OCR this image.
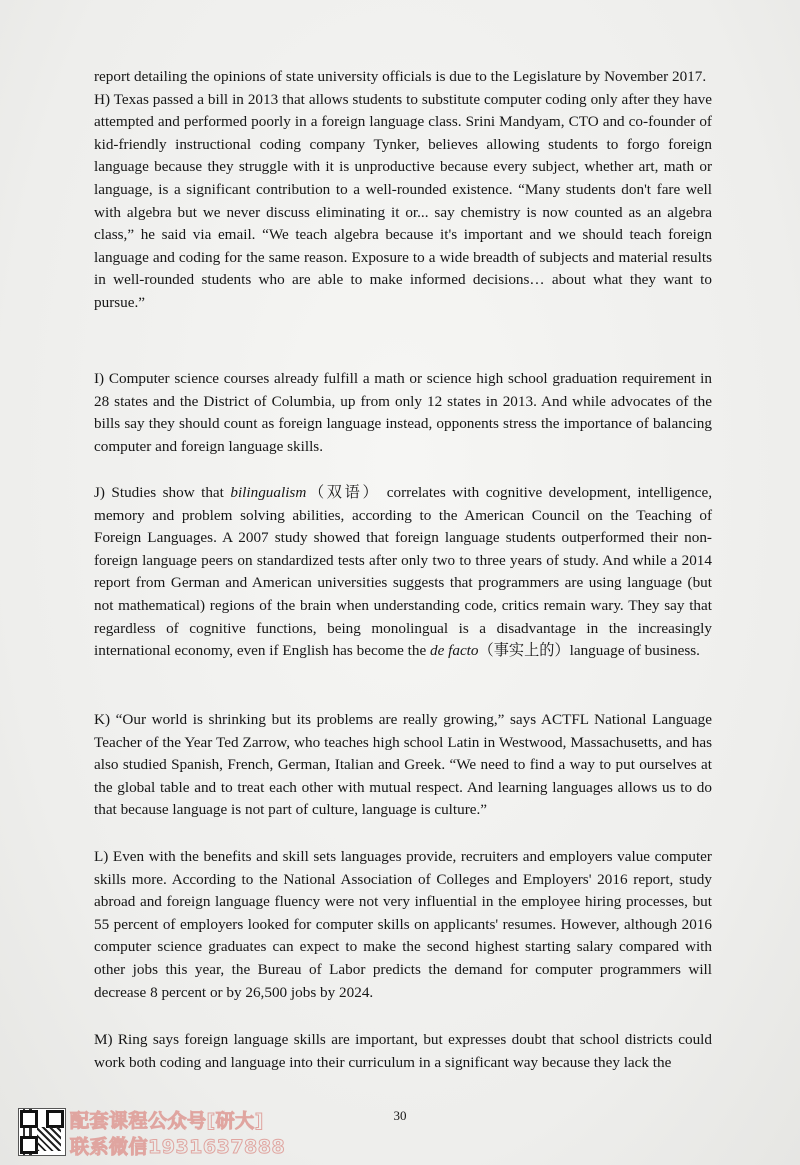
report detailing the opinions of state university officials is due to the Legislature by November 2017.

H) Texas passed a bill in 2013 that allows students to substitute computer coding only after they have attempted and performed poorly in a foreign language class. Srini Mandyam, CTO and co-founder of kid-friendly instructional coding company Tynker, believes allowing students to forgo foreign language because they struggle with it is unproductive because every subject, whether art, math or language, is a significant contribution to a well-rounded existence. “Many students don't fare well with algebra but we never discuss eliminating it or... say chemistry is now counted as an algebra class,” he said via email. “We teach algebra because it's important and we should teach foreign language and coding for the same reason. Exposure to a wide breadth of subjects and material results in well-rounded students who are able to make informed decisions… about what they want to pursue.”

I) Computer science courses already fulfill a math or science high school graduation requirement in 28 states and the District of Columbia, up from only 12 states in 2013. And while advocates of the bills say they should count as foreign language instead, opponents stress the importance of balancing computer and foreign language skills.

J) Studies show that bilingualism（双语） correlates with cognitive development, intelligence, memory and problem solving abilities, according to the American Council on the Teaching of Foreign Languages. A 2007 study showed that foreign language students outperformed their non-foreign language peers on standardized tests after only two to three years of study. And while a 2014 report from German and American universities suggests that programmers are using language (but not mathematical) regions of the brain when understanding code, critics remain wary. They say that regardless of cognitive functions, being monolingual is a disadvantage in the increasingly international economy, even if English has become the de facto（事实上的）language of business.

K) “Our world is shrinking but its problems are really growing,” says ACTFL National Language Teacher of the Year Ted Zarrow, who teaches high school Latin in Westwood, Massachusetts, and has also studied Spanish, French, German, Italian and Greek. “We need to find a way to put ourselves at the global table and to treat each other with mutual respect. And learning languages allows us to do that because language is not part of culture, language is culture.”

L) Even with the benefits and skill sets languages provide, recruiters and employers value computer skills more. According to the National Association of Colleges and Employers' 2016 report, study abroad and foreign language fluency were not very influential in the employee hiring processes, but 55 percent of employers looked for computer skills on applicants' resumes. However, although 2016 computer science graduates can expect to make the second highest starting salary compared with other jobs this year, the Bureau of Labor predicts the demand for computer programmers will decrease 8 percent or by 26,500 jobs by 2024.

M) Ring says foreign language skills are important, but expresses doubt that school districts could work both coding and language into their curriculum in a significant way because they lack the

30
配套课程公众号[研大]
联系微信1931637888
